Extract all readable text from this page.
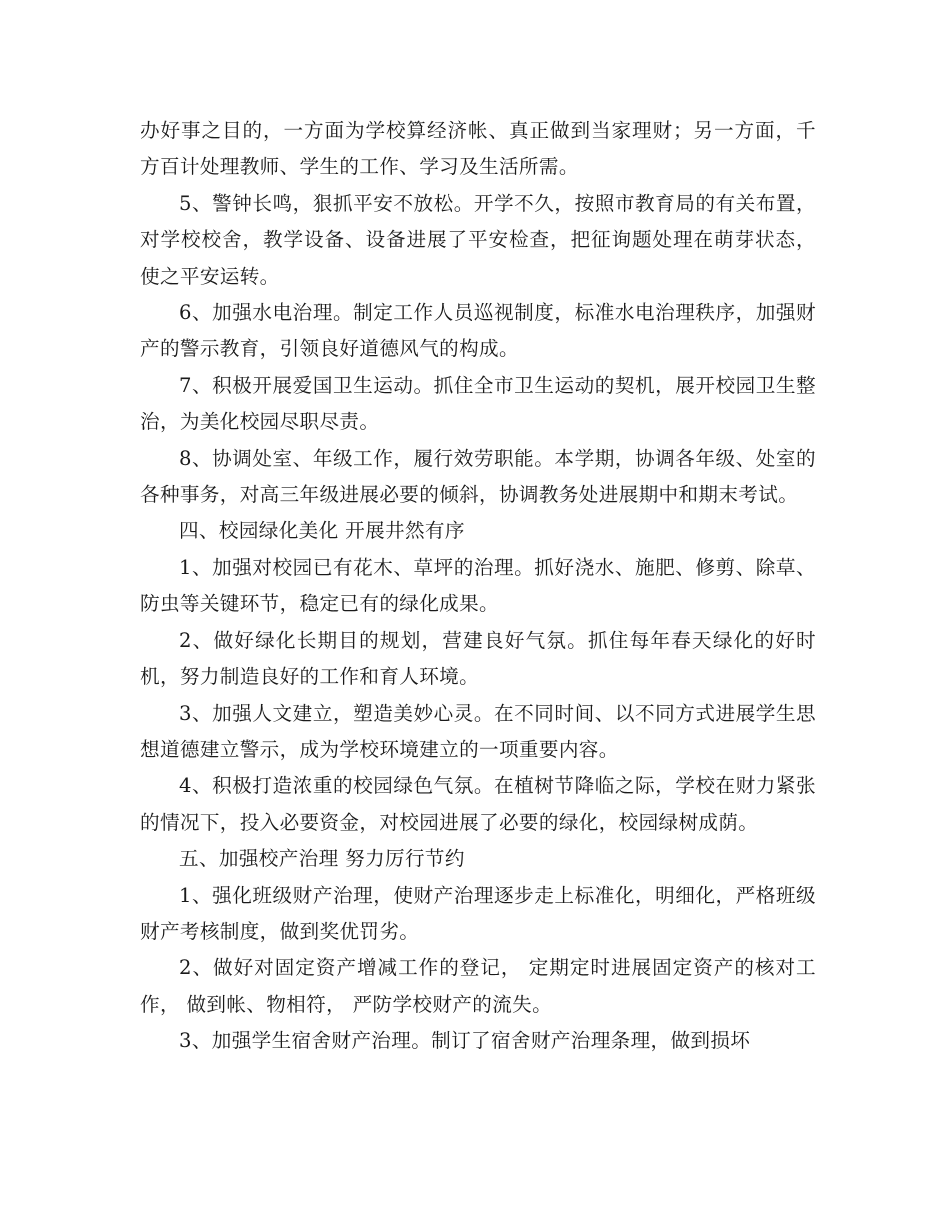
办好事之目的，一方面为学校算经济帐、真正做到当家理财；另一方面，千方百计处理教师、学生的工作、学习及生活所需。

5、警钟长鸣，狠抓平安不放松。开学不久，按照市教育局的有关布置，对学校校舍，教学设备、设备进展了平安检查，把征询题处理在萌芽状态，使之平安运转。

6、加强水电治理。制定工作人员巡视制度，标准水电治理秩序，加强财产的警示教育，引领良好道德风气的构成。

7、积极开展爱国卫生运动。抓住全市卫生运动的契机，展开校园卫生整治，为美化校园尽职尽责。

8、协调处室、年级工作，履行效劳职能。本学期，协调各年级、处室的各种事务，对高三年级进展必要的倾斜，协调教务处进展期中和期末考试。

四、校园绿化美化 开展井然有序

1、加强对校园已有花木、草坪的治理。抓好浇水、施肥、修剪、除草、防虫等关键环节，稳定已有的绿化成果。

2、做好绿化长期目的规划，营建良好气氛。抓住每年春天绿化的好时机，努力制造良好的工作和育人环境。

3、加强人文建立，塑造美妙心灵。在不同时间、以不同方式进展学生思想道德建立警示，成为学校环境建立的一项重要内容。

4、积极打造浓重的校园绿色气氛。在植树节降临之际，学校在财力紧张的情况下，投入必要资金，对校园进展了必要的绿化，校园绿树成荫。

五、加强校产治理 努力厉行节约

1、强化班级财产治理，使财产治理逐步走上标准化，明细化，严格班级财产考核制度，做到奖优罚劣。

2、做好对固定资产增减工作的登记， 定期定时进展固定资产的核对工作， 做到帐、物相符， 严防学校财产的流失。

3、加强学生宿舍财产治理。制订了宿舍财产治理条理，做到损坏
